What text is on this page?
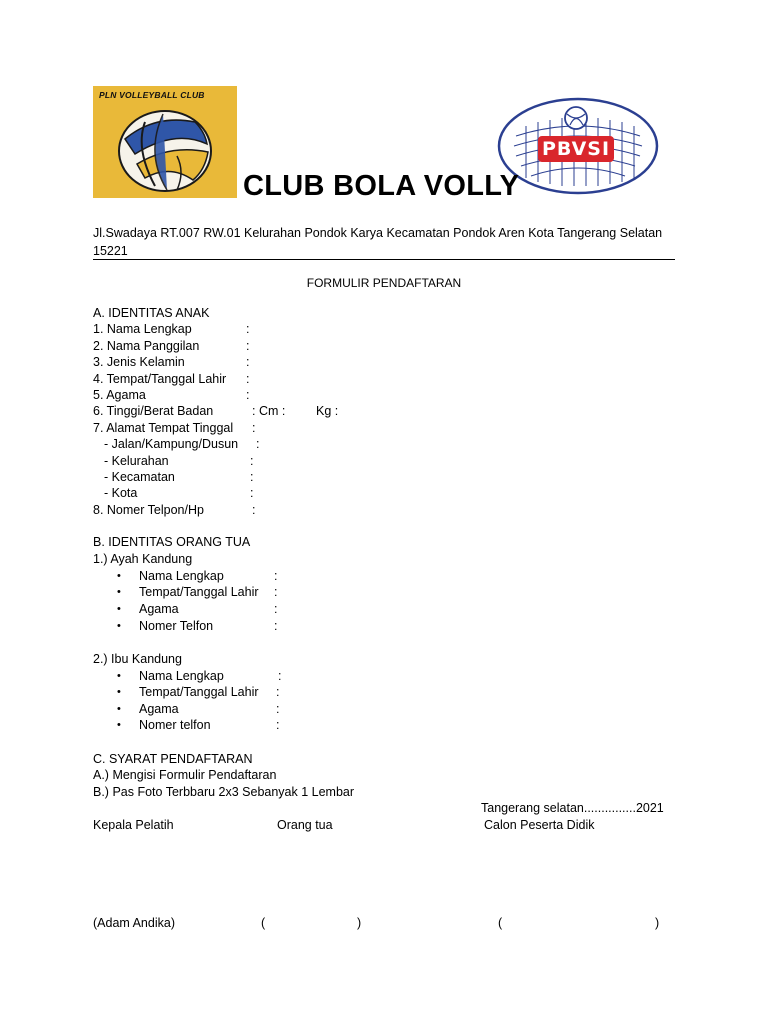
PLN VOLLEYBALL CLUB
PBVSI
CLUB BOLA VOLLY
Jl.Swadaya RT.007 RW.01 Kelurahan Pondok Karya Kecamatan Pondok Aren Kota Tangerang Selatan 15221
FORMULIR PENDAFTARAN
A. IDENTITAS ANAK
1. Nama Lengkap	:
2. Nama Panggilan	:
3. Jenis Kelamin	:
4. Tempat/Tanggal Lahir :
5. Agama	:
6. Tinggi/Berat Badan	: Cm : Kg :
7. Alamat Tempat Tinggal :
- Jalan/Kampung/Dusun :
- Kelurahan	:
- Kecamatan	:
- Kota	:
8. Nomer Telpon/Hp	:
B. IDENTITAS ORANG TUA
1.) Ayah Kandung
• Nama Lengkap	:
• Tempat/Tanggal Lahir :
• Agama	:
• Nomer Telfon	:
2.) Ibu Kandung
• Nama Lengkap	:
• Tempat/Tanggal Lahir :
• Agama	:
• Nomer telfon	:
C. SYARAT PENDAFTARAN
A.) Mengisi Formulir Pendaftaran
B.) Pas Foto Terbbaru 2x3 Sebanyak 1 Lembar
Tangerang selatan...............2021
Kepala Pelatih	Orang tua	Calon Peserta Didik
(Adam Andika)	(	)	(	)
